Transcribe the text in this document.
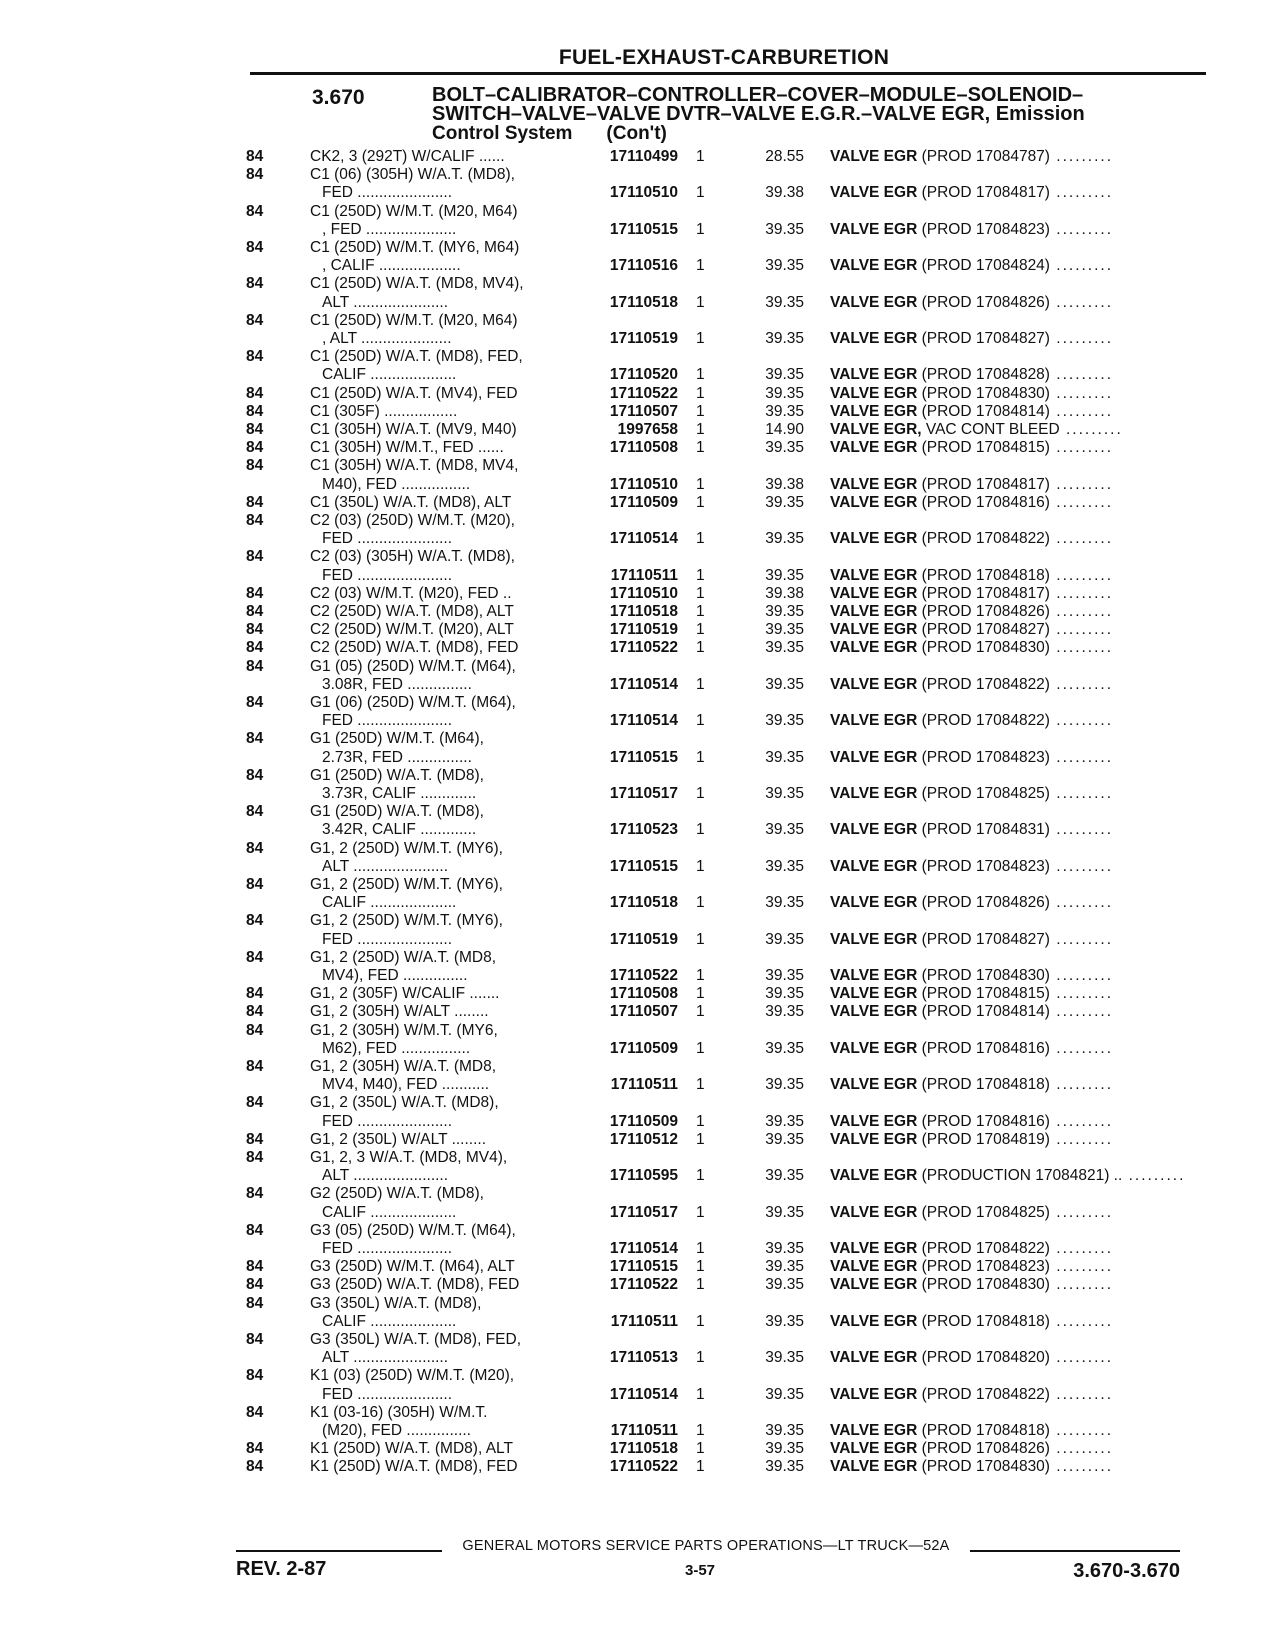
FUEL-EXHAUST-CARBURETION
3.670	BOLT–CALIBRATOR–CONTROLLER–COVER–MODULE–SOLENOID–
SWITCH–VALVE–VALVE DVTR–VALVE E.G.R.–VALVE EGR, Emission
Control System (Con't)
84	CK2, 3 (292T) W/CALIF ......	17110499 1	28.55 VALVE EGR (PROD 17084787) .........
84	C1 (06) (305H) W/A.T. (MD8),
FED ......................	17110510 1	39.38 VALVE EGR (PROD 17084817) .........
84	C1 (250D) W/M.T. (M20, M64)
, FED .....................	17110515 1	39.35 VALVE EGR (PROD 17084823) .........
84	C1 (250D) W/M.T. (MY6, M64)
, CALIF ...................	17110516 1	39.35 VALVE EGR (PROD 17084824) .........
84	C1 (250D) W/A.T. (MD8, MV4),
ALT ......................	17110518 1	39.35 VALVE EGR (PROD 17084826) .........
84	C1 (250D) W/M.T. (M20, M64)
, ALT .....................	17110519 1	39.35 VALVE EGR (PROD 17084827) .........
84	C1 (250D) W/A.T. (MD8), FED,
CALIF ....................	17110520 1	39.35 VALVE EGR (PROD 17084828) .........
84	C1 (250D) W/A.T. (MV4), FED	17110522 1	39.35 VALVE EGR (PROD 17084830) .........
84	C1 (305F) .................	17110507 1	39.35 VALVE EGR (PROD 17084814) .........
84	C1 (305H) W/A.T. (MV9, M40)	1997658 1	14.90 VALVE EGR, VAC CONT BLEED .........
84	C1 (305H) W/M.T., FED ......	17110508 1	39.35 VALVE EGR (PROD 17084815) .........
84	C1 (305H) W/A.T. (MD8, MV4,
M40), FED ................	17110510 1	39.38 VALVE EGR (PROD 17084817) .........
84	C1 (350L) W/A.T. (MD8), ALT	17110509 1	39.35 VALVE EGR (PROD 17084816) .........
84	C2 (03) (250D) W/M.T. (M20),
FED ......................	17110514 1	39.35 VALVE EGR (PROD 17084822) .........
84	C2 (03) (305H) W/A.T. (MD8),
FED ......................	17110511 1	39.35 VALVE EGR (PROD 17084818) .........
84	C2 (03) W/M.T. (M20), FED ..	17110510 1	39.38 VALVE EGR (PROD 17084817) .........
84	C2 (250D) W/A.T. (MD8), ALT	17110518 1	39.35 VALVE EGR (PROD 17084826) .........
84	C2 (250D) W/M.T. (M20), ALT	17110519 1	39.35 VALVE EGR (PROD 17084827) .........
84	C2 (250D) W/A.T. (MD8), FED	17110522 1	39.35 VALVE EGR (PROD 17084830) .........
84	G1 (05) (250D) W/M.T. (M64),
3.08R, FED ...............	17110514 1	39.35 VALVE EGR (PROD 17084822) .........
84	G1 (06) (250D) W/M.T. (M64),
FED ......................	17110514 1	39.35 VALVE EGR (PROD 17084822) .........
84	G1 (250D) W/M.T. (M64),
2.73R, FED ...............	17110515 1	39.35 VALVE EGR (PROD 17084823) .........
84	G1 (250D) W/A.T. (MD8),
3.73R, CALIF .............	17110517 1	39.35 VALVE EGR (PROD 17084825) .........
84	G1 (250D) W/A.T. (MD8),
3.42R, CALIF .............	17110523 1	39.35 VALVE EGR (PROD 17084831) .........
84	G1, 2 (250D) W/M.T. (MY6),
ALT ......................	17110515 1	39.35 VALVE EGR (PROD 17084823) .........
84	G1, 2 (250D) W/M.T. (MY6),
CALIF ....................	17110518 1	39.35 VALVE EGR (PROD 17084826) .........
84	G1, 2 (250D) W/M.T. (MY6),
FED ......................	17110519 1	39.35 VALVE EGR (PROD 17084827) .........
84	G1, 2 (250D) W/A.T. (MD8,
MV4), FED ...............	17110522 1	39.35 VALVE EGR (PROD 17084830) .........
84	G1, 2 (305F) W/CALIF .......	17110508 1	39.35 VALVE EGR (PROD 17084815) .........
84	G1, 2 (305H) W/ALT ........	17110507 1	39.35 VALVE EGR (PROD 17084814) .........
84	G1, 2 (305H) W/M.T. (MY6,
M62), FED ................	17110509 1	39.35 VALVE EGR (PROD 17084816) .........
84	G1, 2 (305H) W/A.T. (MD8,
MV4, M40), FED ...........	17110511 1	39.35 VALVE EGR (PROD 17084818) .........
84	G1, 2 (350L) W/A.T. (MD8),
FED ......................	17110509 1	39.35 VALVE EGR (PROD 17084816) .........
84	G1, 2 (350L) W/ALT ........	17110512 1	39.35 VALVE EGR (PROD 17084819) .........
84	G1, 2, 3 W/A.T. (MD8, MV4),
ALT ......................	17110595 1	39.35 VALVE EGR (PRODUCTION 17084821) .. .........
84	G2 (250D) W/A.T. (MD8),
CALIF ....................	17110517 1	39.35 VALVE EGR (PROD 17084825) .........
84	G3 (05) (250D) W/M.T. (M64),
FED ......................	17110514 1	39.35 VALVE EGR (PROD 17084822) .........
84	G3 (250D) W/M.T. (M64), ALT	17110515 1	39.35 VALVE EGR (PROD 17084823) .........
84	G3 (250D) W/A.T. (MD8), FED	17110522 1	39.35 VALVE EGR (PROD 17084830) .........
84	G3 (350L) W/A.T. (MD8),
CALIF ....................	17110511 1	39.35 VALVE EGR (PROD 17084818) .........
84	G3 (350L) W/A.T. (MD8), FED,
ALT ......................	17110513 1	39.35 VALVE EGR (PROD 17084820) .........
84	K1 (03) (250D) W/M.T. (M20),
FED ......................	17110514 1	39.35 VALVE EGR (PROD 17084822) .........
84	K1 (03-16) (305H) W/M.T.
(M20), FED ...............	17110511 1	39.35 VALVE EGR (PROD 17084818) .........
84	K1 (250D) W/A.T. (MD8), ALT	17110518 1	39.35 VALVE EGR (PROD 17084826) .........
84	K1 (250D) W/A.T. (MD8), FED	17110522 1	39.35 VALVE EGR (PROD 17084830) .........
GENERAL MOTORS SERVICE PARTS OPERATIONS—LT TRUCK—52A
REV. 2-87	3-57	3.670-3.670
